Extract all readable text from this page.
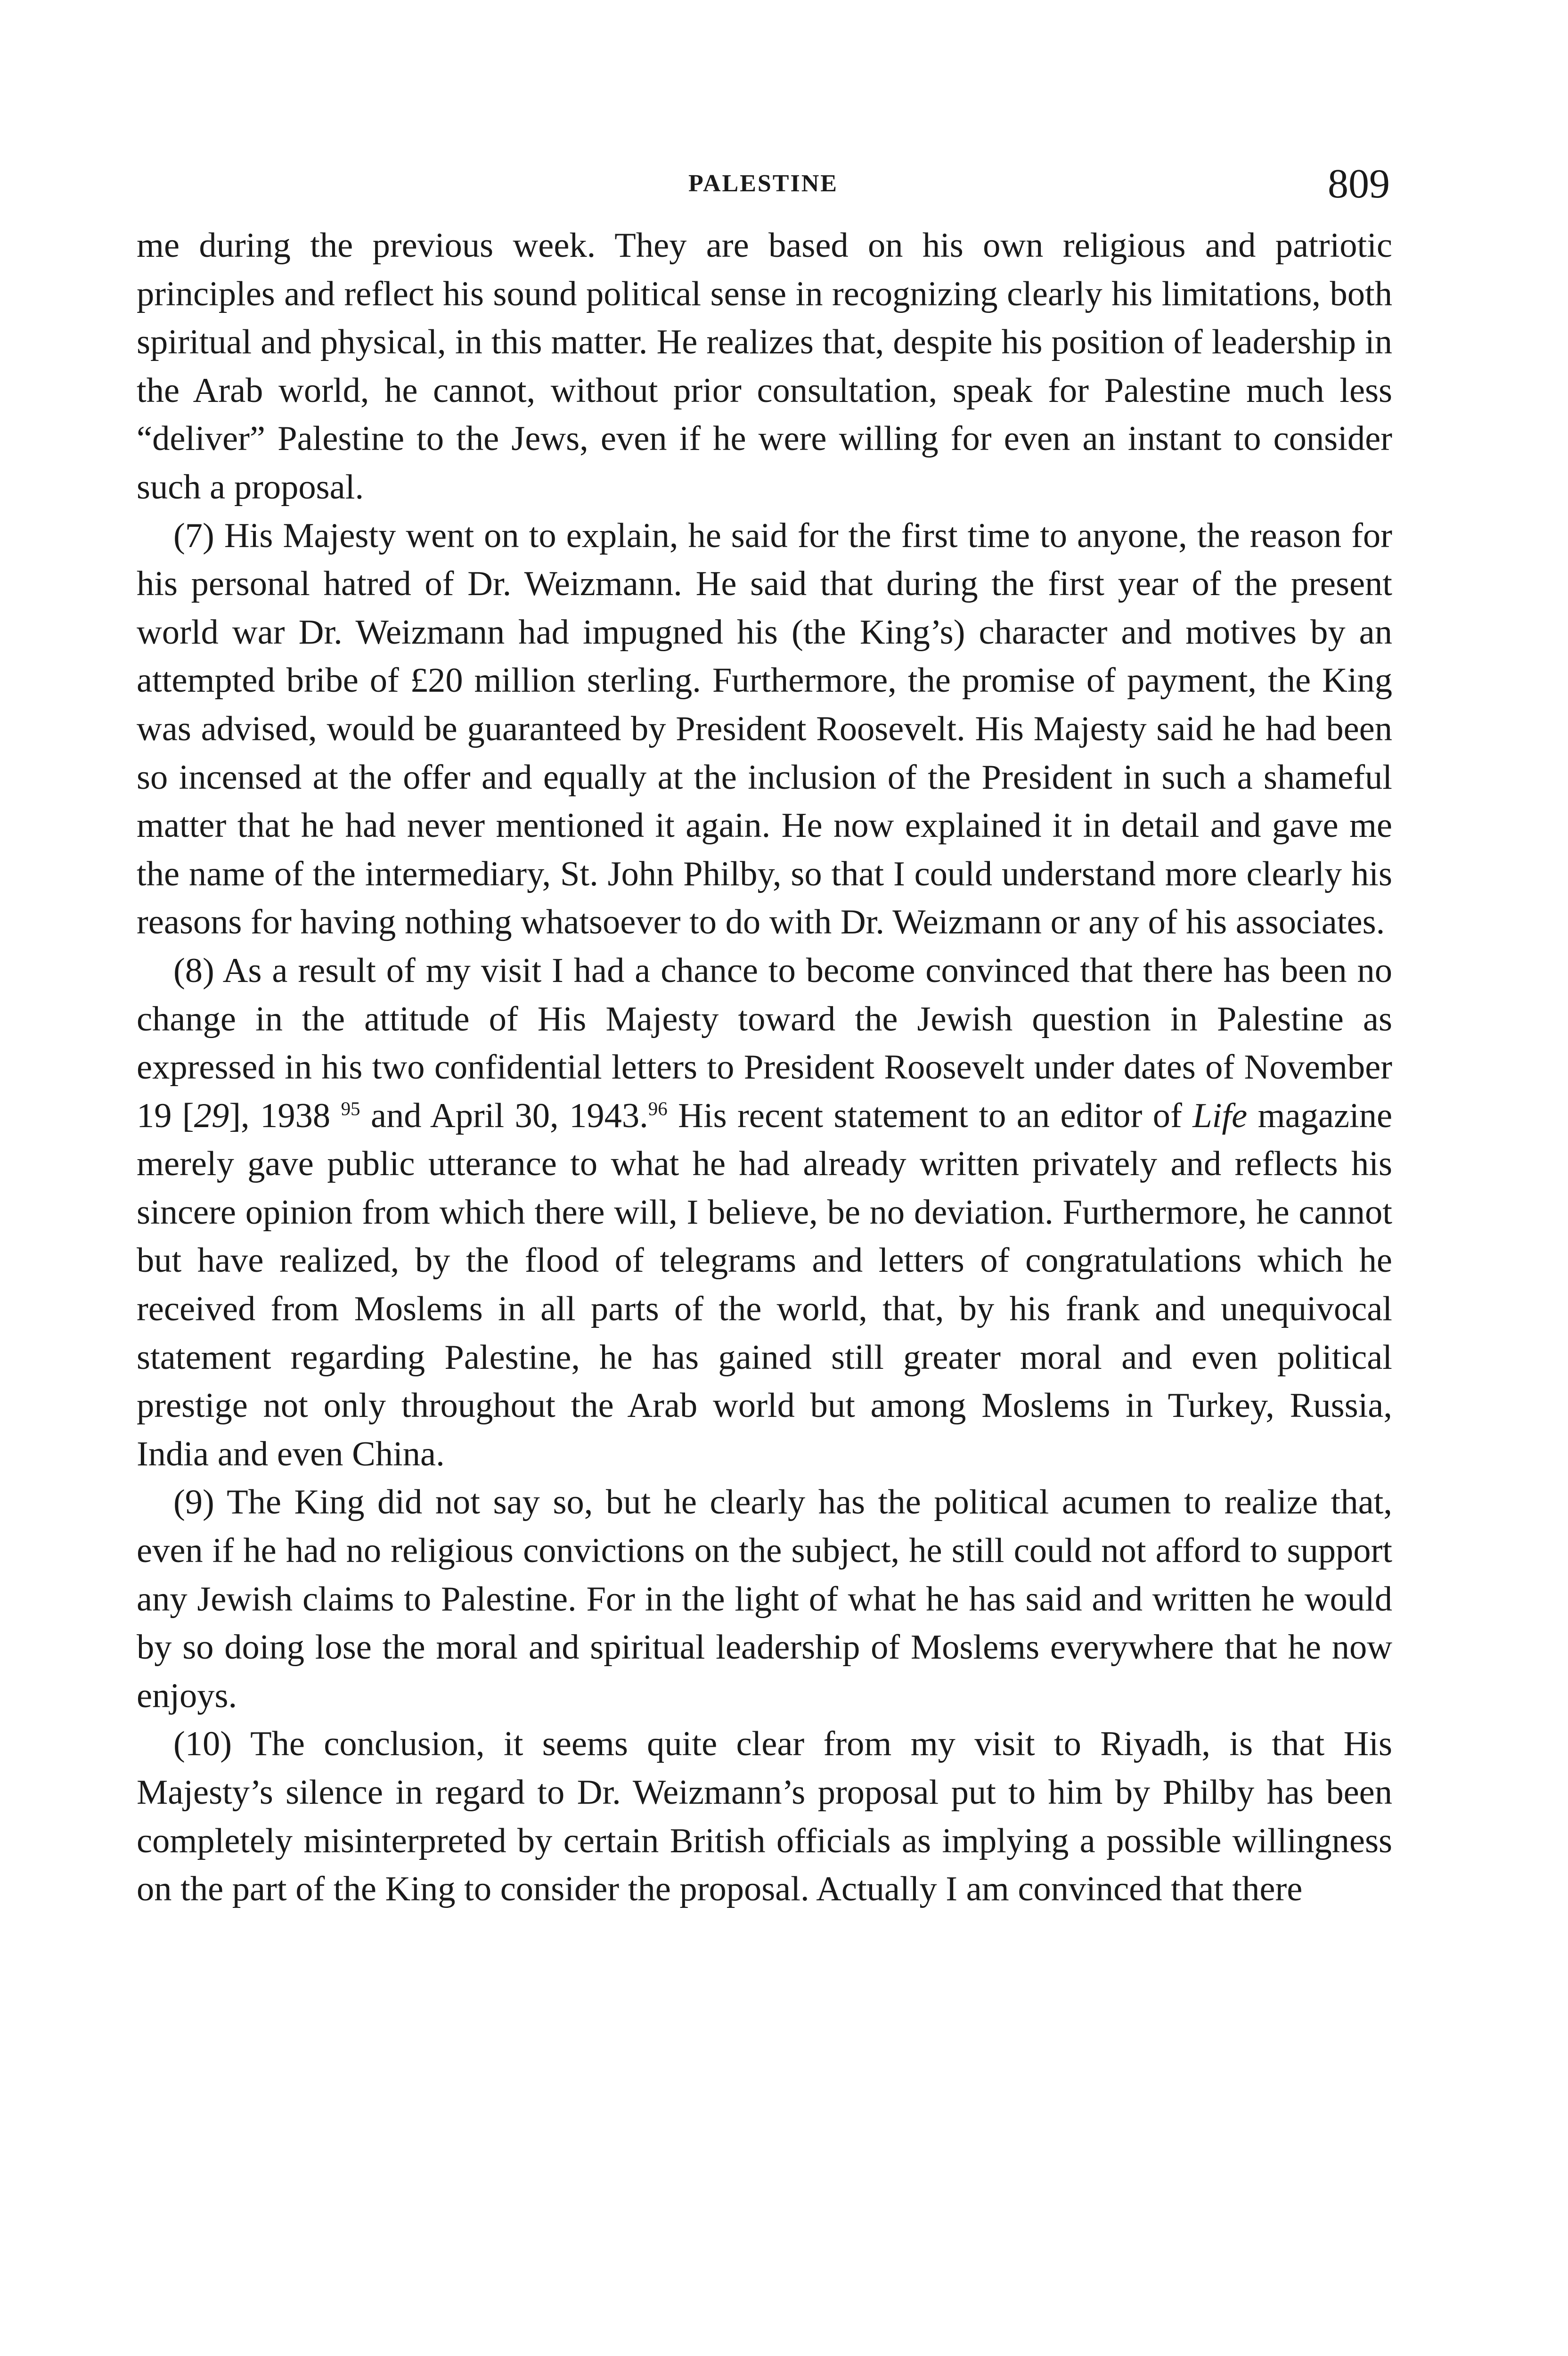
PALESTINE	809

me during the previous week. They are based on his own religious and patriotic principles and reflect his sound political sense in recognizing clearly his limitations, both spiritual and physical, in this matter. He realizes that, despite his position of leadership in the Arab world, he cannot, without prior consultation, speak for Palestine much less “deliver” Palestine to the Jews, even if he were willing for even an instant to consider such a proposal.

(7) His Majesty went on to explain, he said for the first time to anyone, the reason for his personal hatred of Dr. Weizmann. He said that during the first year of the present world war Dr. Weizmann had impugned his (the King’s) character and motives by an attempted bribe of £20 million sterling. Furthermore, the promise of payment, the King was advised, would be guaranteed by President Roosevelt. His Majesty said he had been so incensed at the offer and equally at the inclusion of the President in such a shameful matter that he had never mentioned it again. He now explained it in detail and gave me the name of the intermediary, St. John Philby, so that I could understand more clearly his reasons for having nothing whatsoever to do with Dr. Weizmann or any of his associates.

(8) As a result of my visit I had a chance to become convinced that there has been no change in the attitude of His Majesty toward the Jewish question in Palestine as expressed in his two confidential letters to President Roosevelt under dates of November 19 [29], 1938 $^{95}$ and April 30, 1943.96 His recent statement to an editor of Life magazine merely gave public utterance to what he had already written privately and reflects his sincere opinion from which there will, I believe, be no deviation. Furthermore, he cannot but have realized, by the flood of telegrams and letters of congratulations which he received from Moslems in all parts of the world, that, by his frank and unequivocal statement regarding Palestine, he has gained still greater moral and even political prestige not only throughout the Arab world but among Moslems in Turkey, Russia, India and even China.

(9) The King did not say so, but he clearly has the political acumen to realize that, even if he had no religious convictions on the subject, he still could not afford to support any Jewish claims to Palestine. For in the light of what he has said and written he would by so doing lose the moral and spiritual leadership of Moslems everywhere that he now enjoys.

(10) The conclusion, it seems quite clear from my visit to Riyadh, is that His Majesty’s silence in regard to Dr. Weizmann’s proposal put to him by Philby has been completely misinterpreted by certain British officials as implying a possible willingness on the part of the King to consider the proposal. Actually I am convinced that there
